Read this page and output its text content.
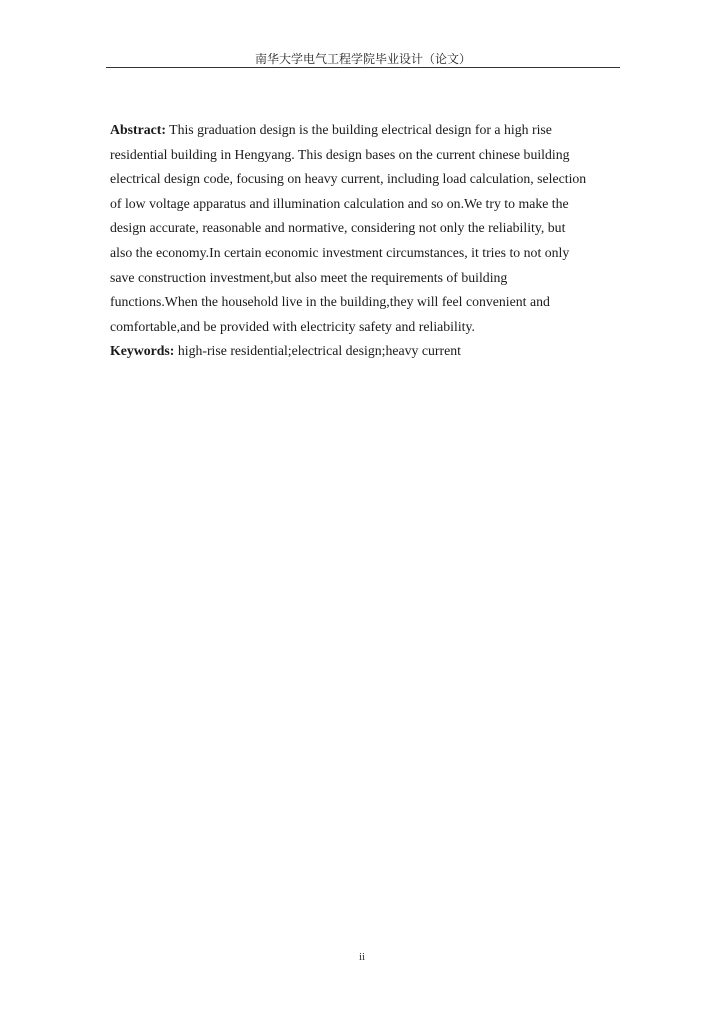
南华大学电气工程学院毕业设计（论文）
Abstract: This graduation design is the building electrical design for a high rise
residential building in Hengyang. This design bases on the current chinese building
electrical design code, focusing on heavy current, including load calculation, selection
of low voltage apparatus and illumination calculation and so on.We try to make the
design accurate, reasonable and normative, considering not only the reliability, but
also the economy.In certain economic investment circumstances, it tries to not only
save construction investment,but also meet the requirements of building
functions.When the household live in the building,they will feel convenient and
comfortable,and be provided with electricity safety and reliability.
Keywords: high-rise residential;electrical design;heavy current
ii
